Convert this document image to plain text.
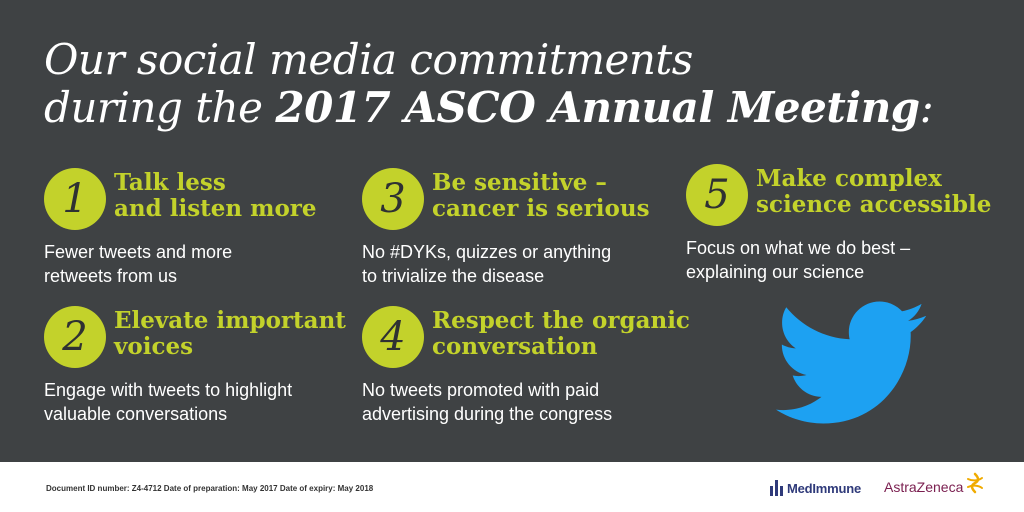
Our social media commitments
during the 2017 ASCO Annual Meeting:
1	Talk less
and listen more
Fewer tweets and more
retweets from us
2	Elevate important
voices
Engage with tweets to highlight
valuable conversations
3	Be sensitive –
cancer is serious
No #DYKs, quizzes or anything
to trivialize the disease
4	Respect the organic
conversation
No tweets promoted with paid
advertising during the congress
5	Make complex
science accessible
Focus on what we do best –
explaining our science
Document ID number: Z4-4712 Date of preparation: May 2017 Date of expiry: May 2018	MedImmune AstraZeneca
